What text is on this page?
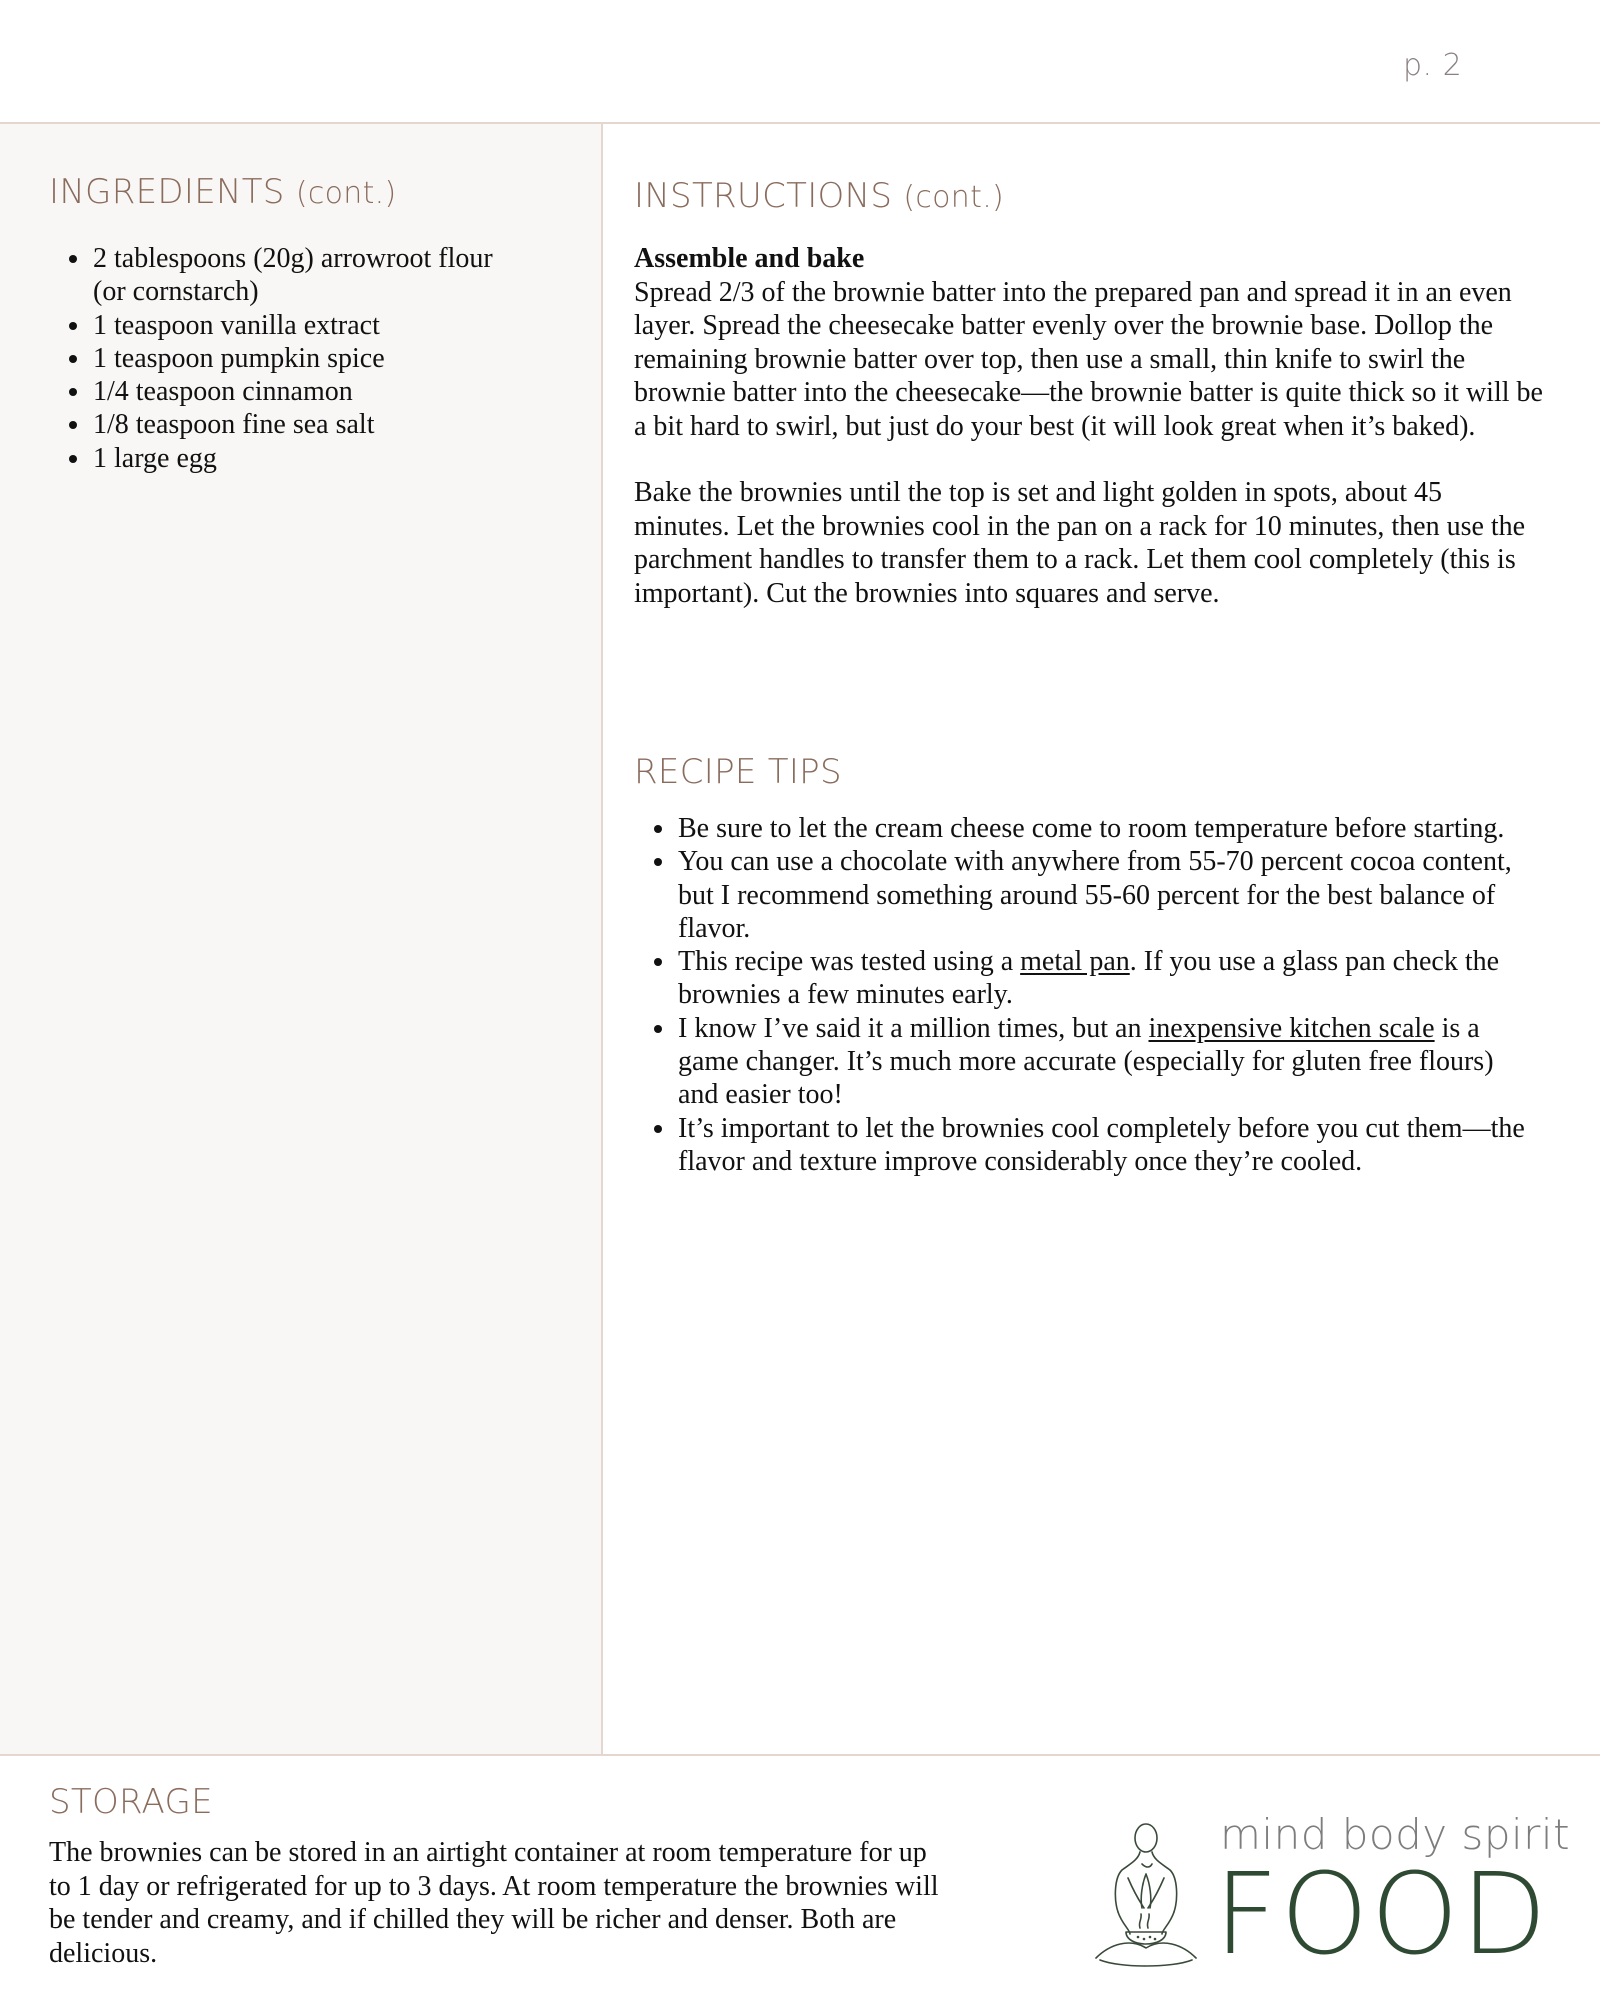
p. 2
INGREDIENTS (cont.)
• 2 tablespoons (20g) arrowroot flour (or cornstarch)
• 1 teaspoon vanilla extract
• 1 teaspoon pumpkin spice
• 1/4 teaspoon cinnamon
• 1/8 teaspoon fine sea salt
• 1 large egg
INSTRUCTIONS (cont.)
Assemble and bake

Spread 2/3 of the brownie batter into the prepared pan and spread it in an even layer. Spread the cheesecake batter evenly over the brownie base. Dollop the remaining brownie batter over top, then use a small, thin knife to swirl the brownie batter into the cheesecake—the brownie batter is quite thick so it will be a bit hard to swirl, but just do your best (it will look great when it’s baked).

Bake the brownies until the top is set and light golden in spots, about 45 minutes. Let the brownies cool in the pan on a rack for 10 minutes, then use the parchment handles to transfer them to a rack. Let them cool completely (this is important). Cut the brownies into squares and serve.

RECIPE TIPS
• Be sure to let the cream cheese come to room temperature before starting.
• You can use a chocolate with anywhere from 55-70 percent cocoa content, but I recommend something around 55-60 percent for the best balance of flavor.
• This recipe was tested using a metal pan. If you use a glass pan check the brownies a few minutes early.
• I know I’ve said it a million times, but an inexpensive kitchen scale is a game changer. It’s much more accurate (especially for gluten free flours) and easier too!
• It’s important to let the brownies cool completely before you cut them—the flavor and texture improve considerably once they’re cooled.
STORAGE

The brownies can be stored in an airtight container at room temperature for up to 1 day or refrigerated for up to 3 days. At room temperature the brownies will be tender and creamy, and if chilled they will be richer and denser. Both are delicious.

mind body spirit
FOOD
